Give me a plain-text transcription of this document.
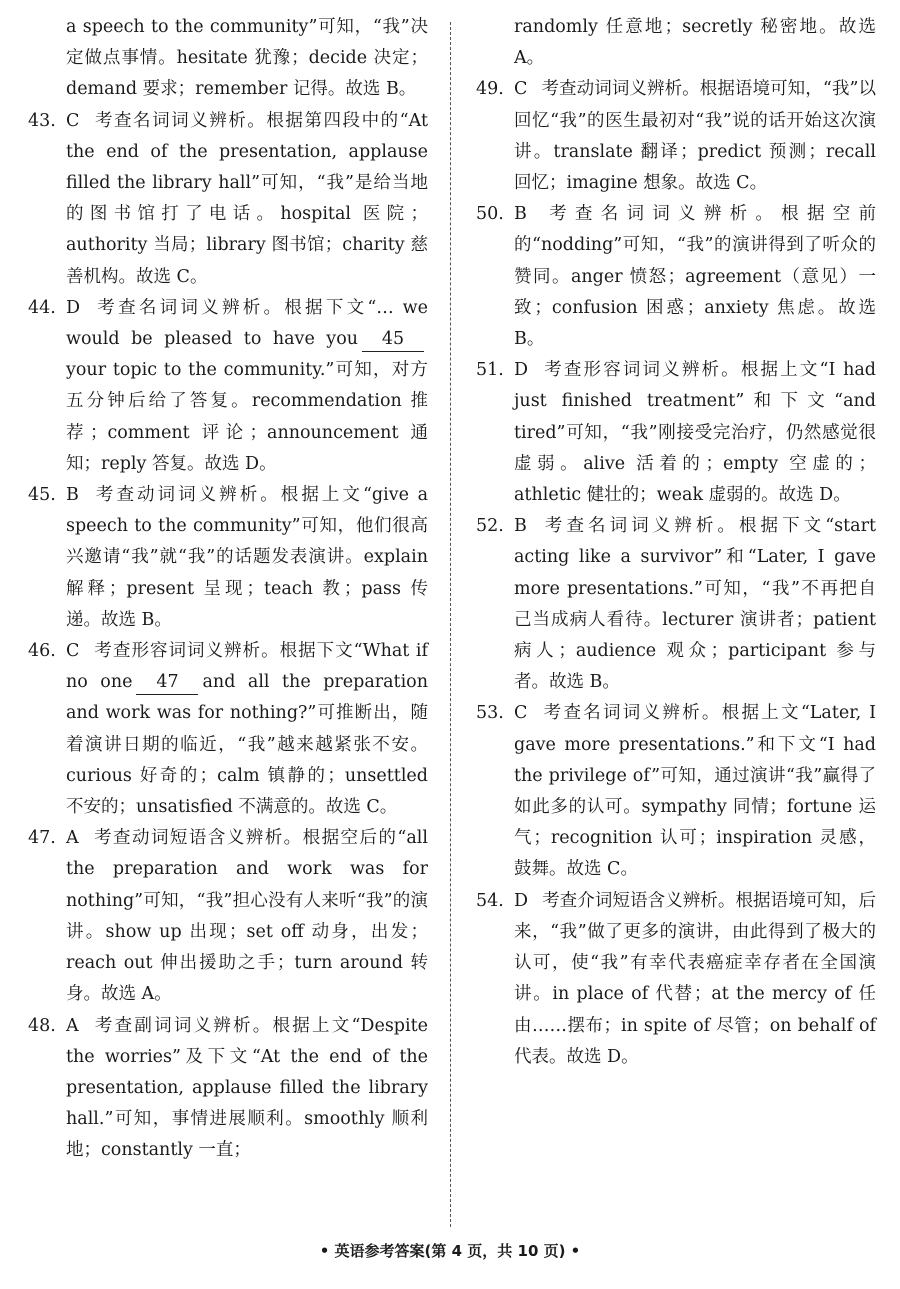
a speech to the community”可知，“我”决定做点事情。hesitate 犹豫；decide 决定；demand 要求；remember 记得。故选 B。

43. C 考查名词词义辨析。根据第四段中的“At the end of the presentation, applause filled the library hall”可知，“我”是给当地的图书馆打了电话。hospital 医院；authority 当局；library 图书馆；charity 慈善机构。故选 C。
44. D 考查名词词义辨析。根据下文“… we would be pleased to have you 45your topic to the community.”可知，对方五分钟后给了答复。recommendation 推荐；comment 评论；announcement 通知；reply 答复。故选 D。
45. B 考查动词词义辨析。根据上文“give a speech to the community”可知，他们很高兴邀请“我”就“我”的话题发表演讲。explain 解释；present 呈现；teach 教；pass 传递。故选 B。
46. C 考查形容词词义辨析。根据下文“What if no one 47 and all the preparation and work was for nothing?”可推断出，随着演讲日期的临近，“我”越来越紧张不安。curious 好奇的；calm 镇静的；unsettled 不安的；unsatisfied 不满意的。故选 C。
47. A 考查动词短语含义辨析。根据空后的“all the preparation and work was for nothing”可知，“我”担心没有人来听“我”的演讲。show up 出现；set off 动身，出发；reach out 伸出援助之手；turn around 转身。故选 A。
48. A 考查副词词义辨析。根据上文“Despite the worries”及下文“At the end of the presentation, applause filled the library hall.”可知，事情进展顺利。smoothly 顺利地；constantly 一直；

randomly 任意地；secretly 秘密地。故选 A。

49. C 考查动词词义辨析。根据语境可知，“我”以回忆“我”的医生最初对“我”说的话开始这次演讲。translate 翻译；predict 预测；recall 回忆；imagine 想象。故选 C。
50. B 考查名词词义辨析。根据空前的“nodding”可知，“我”的演讲得到了听众的赞同。anger 愤怒；agreement（意见）一致；confusion 困惑；anxiety 焦虑。故选 B。
51. D 考查形容词词义辨析。根据上文“I had just finished treatment”和下文“and tired”可知，“我”刚接受完治疗，仍然感觉很虚弱。alive 活着的；empty 空虚的；athletic 健壮的；weak 虚弱的。故选 D。
52. B 考查名词词义辨析。根据下文“start acting like a survivor”和“Later, I gave more presentations.”可知，“我”不再把自己当成病人看待。lecturer 演讲者；patient 病人；audience 观众；participant 参与者。故选 B。
53. C 考查名词词义辨析。根据上文“Later, I gave more presentations.”和下文“I had the privilege of”可知，通过演讲“我”赢得了如此多的认可。sympathy 同情；fortune 运气；recognition 认可；inspiration 灵感，鼓舞。故选 C。
54. D 考查介词短语含义辨析。根据语境可知，后来，“我”做了更多的演讲，由此得到了极大的认可，使“我”有幸代表癌症幸存者在全国演讲。in place of 代替；at the mercy of 任由……摆布；in spite of 尽管；on behalf of 代表。故选 D。
• 英语参考答案(第 4 页，共 10 页) •
